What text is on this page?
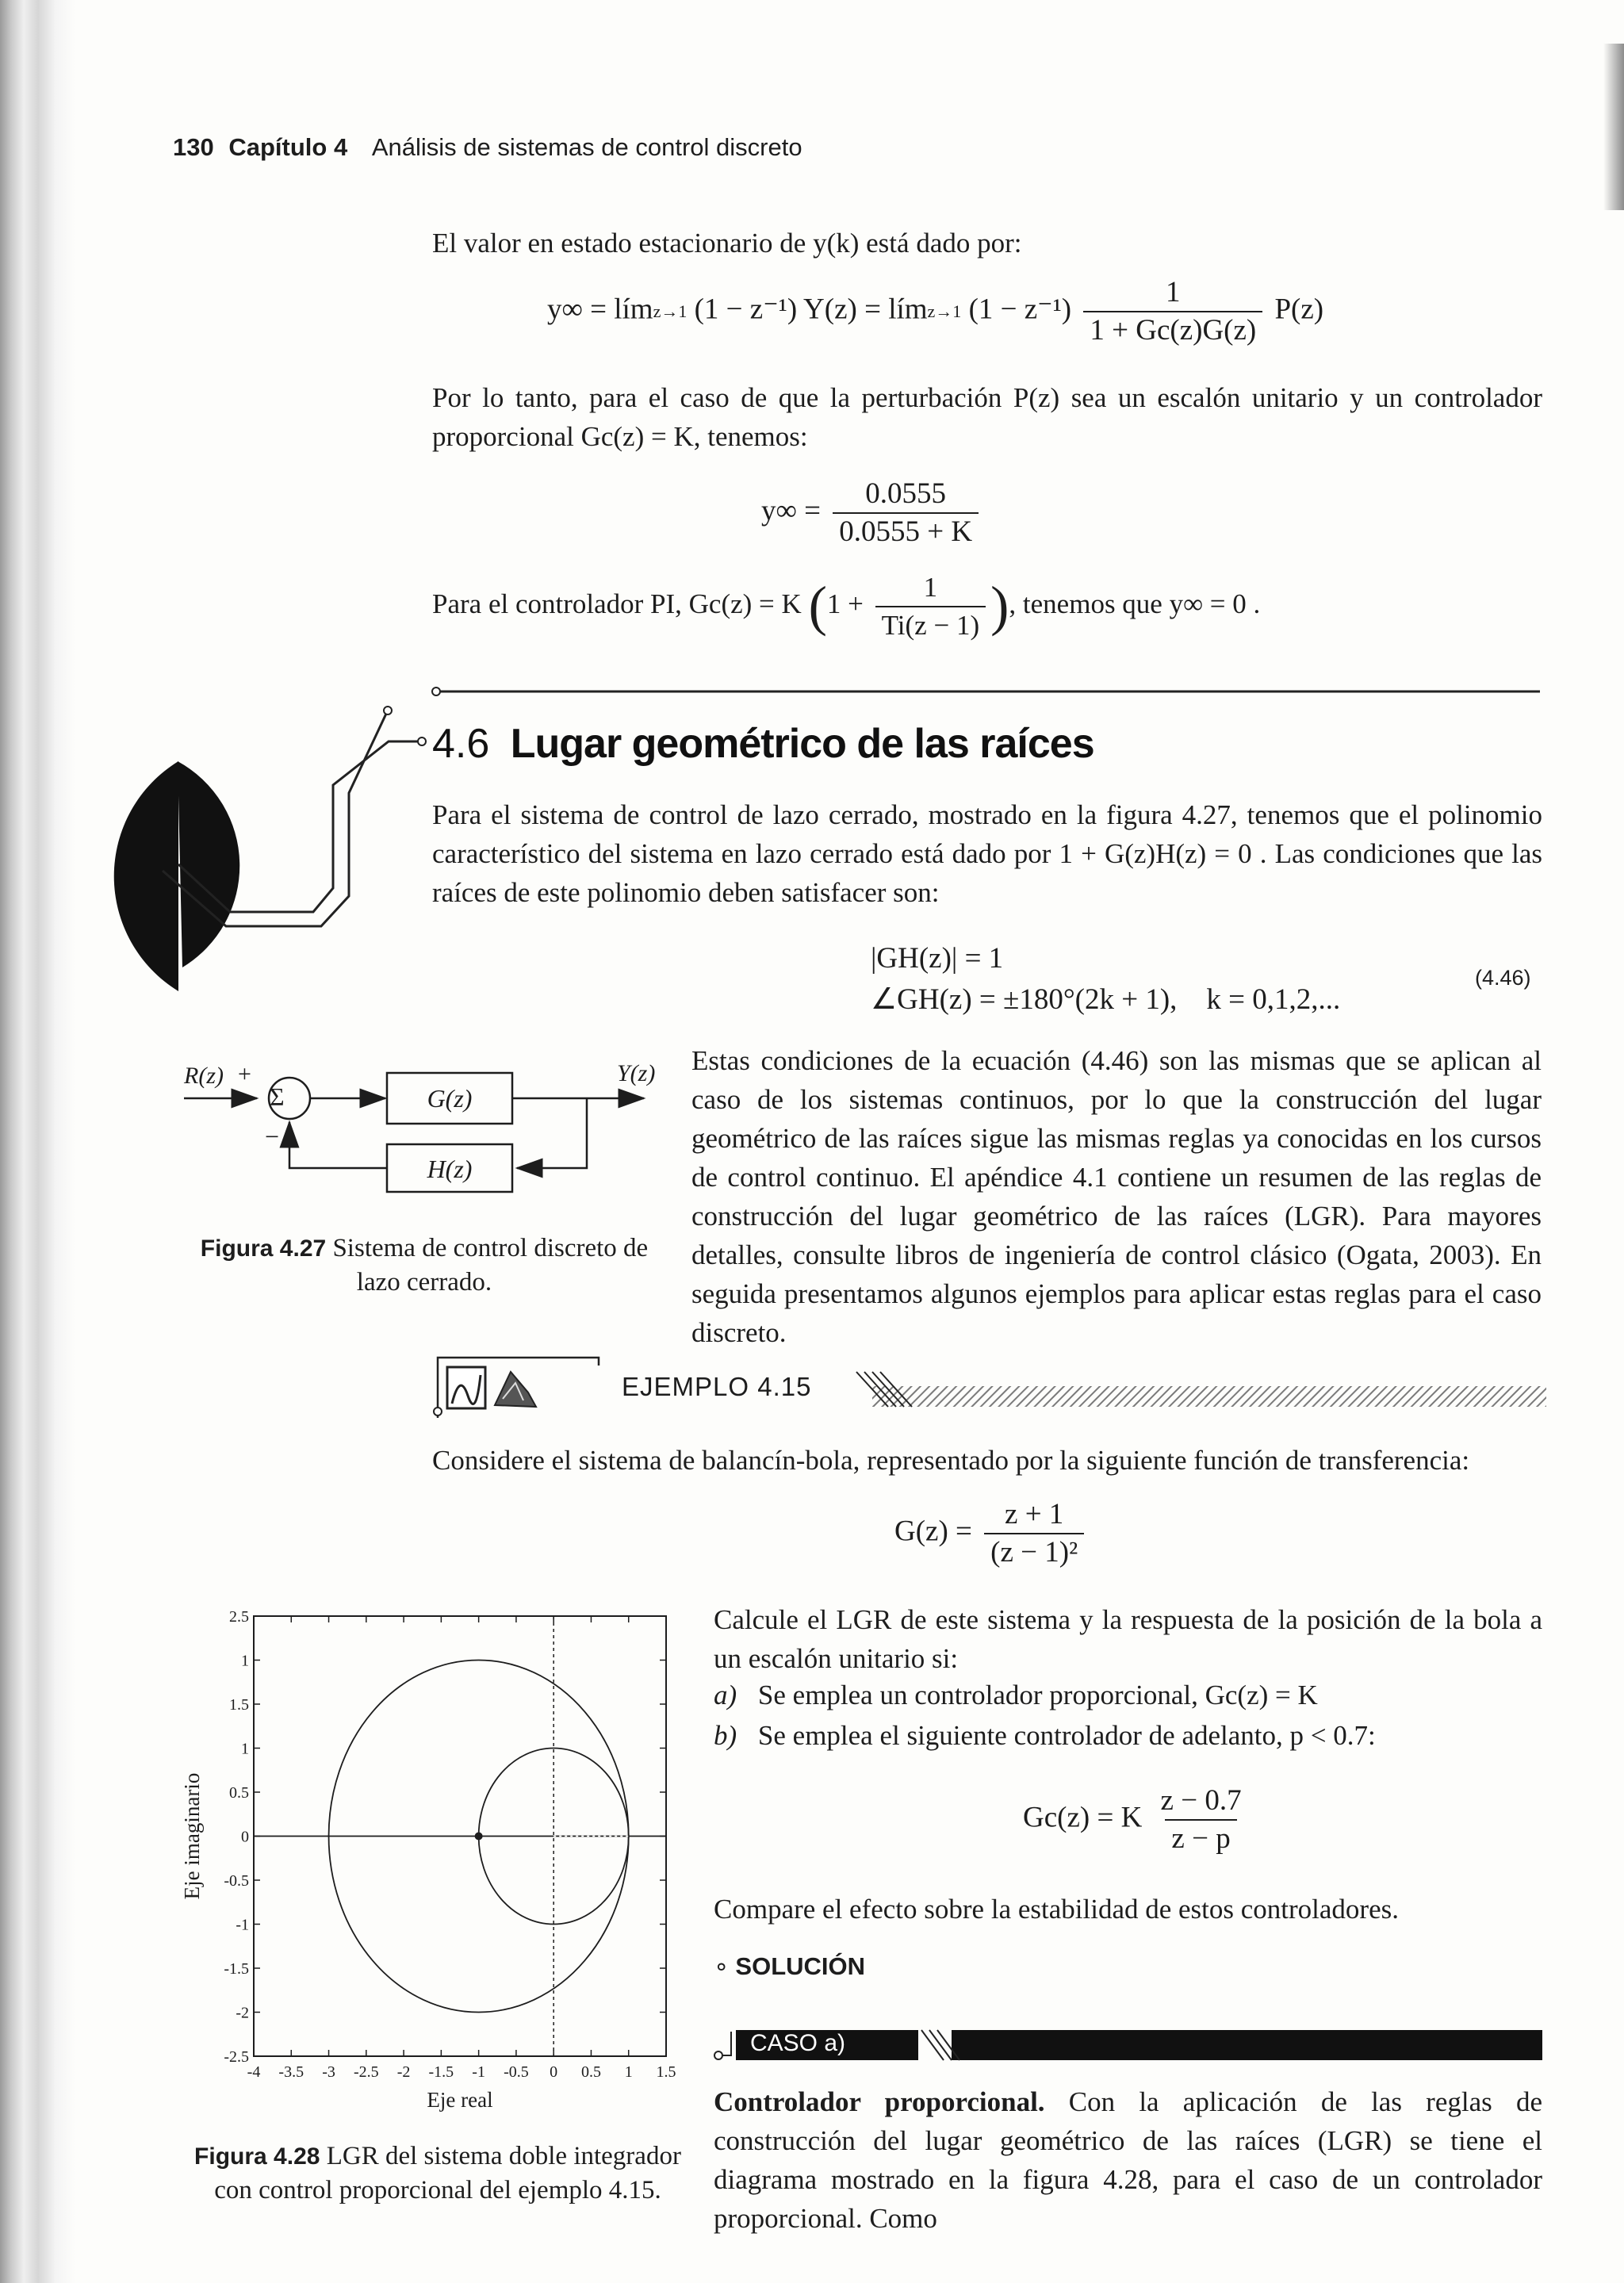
130 Capítulo 4 Análisis de sistemas de control discreto
El valor en estado estacionario de y(k) está dado por:
y∞ = lím z→1 (1 − z⁻¹) Y(z) = lím z→1 $(1 - z^{-1}) \frac{1}{1 + Gc(z)G(z)} P(z)$
Por lo tanto, para el caso de que la perturbación P(z) sea un escalón unitario y un controlador proporcional Gc(z) = K, tenemos:
$y\infty = \frac{0.0555}{0.0555 + K}$
Para el controlador PI, Gc(z) = K ($1 + \frac{1}{Ti(z - 1)}$ ), tenemos que y∞ = 0 .
4.6 Lugar geométrico de las raíces
Para el sistema de control de lazo cerrado, mostrado en la figura 4.27, tenemos que el polinomio característico del sistema en lazo cerrado está dado por 1 + G(z)H(z) = 0 . Las condiciones que las raíces de este polinomio deben satisfacer son:
|GH(z)| = 1
∠GH(z) = ±180°(2k + 1),    k = 0,1,2,...
(4.46)
R(z) +
Σ
−
G(z)
H(z)
Y(z)
Figura 4.27 Sistema de control discreto de lazo cerrado.
Estas condiciones de la ecuación (4.46) son las mismas que se aplican al caso de los sistemas continuos, por lo que la construcción del lugar geométrico de las raíces sigue las mismas reglas ya conocidas en los cursos de control continuo. El apéndice 4.1 contiene un resumen de las reglas de construcción del lugar geométrico de las raíces (LGR). Para mayores detalles, consulte libros de ingeniería de control clásico (Ogata, 2003). En seguida presentamos algunos ejemplos para aplicar estas reglas para el caso discreto.
EJEMPLO 4.15
Considere el sistema de balancín-bola, representado por la siguiente función de transferencia:
$G(z) = \frac{z + 1}{\text{(z − 1)²}}$
Calcule el LGR de este sistema y la respuesta de la posición de la bola a un escalón unitario si:
a) Se emplea un controlador proporcional, Gc(z) = K
b) Se emplea el siguiente controlador de adelanto, p < 0.7:
Gc(z) = K $\frac{z - 0.7}{z - p}$
Compare el efecto sobre la estabilidad de estos controladores.
∘ SOLUCIÓN
CASO a)
Controlador proporcional. Con la aplicación de las reglas de construcción del lugar geométrico de las raíces (LGR) se tiene el diagrama mostrado en la figura 4.28, para el caso de un controlador proporcional. Como
-4 -3.5 -3 -2.5 -2 -1.5 -1 -0.5 0 0.5 1 1.5
2.5
1
1.5
1
0.5
0
-0.5
-1
-1.5
-2
-2.5
Eje real
Eje imaginario
Figura 4.28 LGR del sistema doble integrador con control proporcional del ejemplo 4.15.
